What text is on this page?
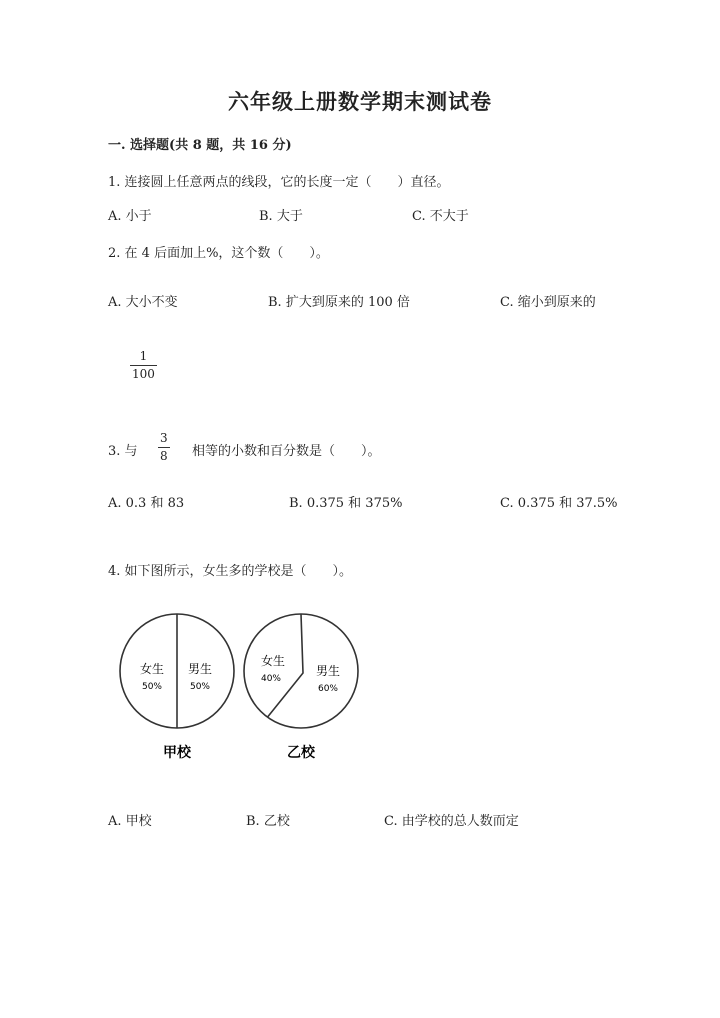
六年级上册数学期末测试卷
一. 选择题(共 8 题，共 16 分)
1. 连接圆上任意两点的线段，它的长度一定（　　）直径。
A. 小于	B. 大于	C. 不大于
2. 在 4 后面加上%，这个数（　　）。
A. 大小不变	B. 扩大到原来的 100 倍	C. 缩小到原来的
1
100
3. 与
3
8 相等的小数和百分数是（　　）。
A. 0.3 和 83	B. 0.375 和 375%	C. 0.375 和 37.5%
4. 如下图所示，女生多的学校是（　　）。
女生
50%
男生
50%
甲校
女生
40%
男生
60%
乙校
A. 甲校	B. 乙校	C. 由学校的总人数而定
